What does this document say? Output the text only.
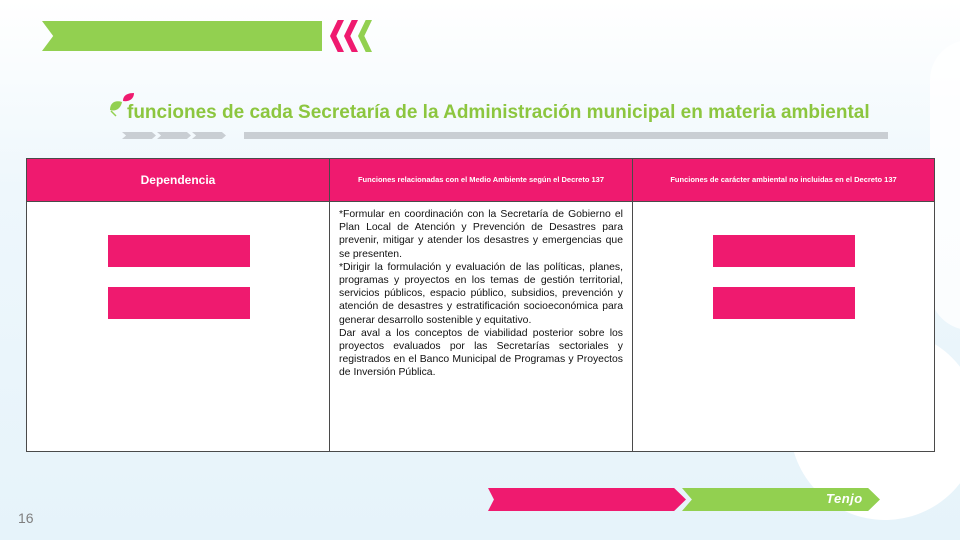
funciones de cada Secretaría de la Administración municipal en materia ambiental
Dependencia	Funciones relacionadas con el Medio Ambiente según el Decreto 137	Funciones de carácter ambiental no incluidas en el Decreto 137

	*Formular en coordinación con la Secretaría de Gobierno el Plan Local de Atención y Prevención de Desastres para prevenir, mitigar y atender los desastres y emergencias que se presenten.

*Dirigir la formulación y evaluación de las políticas, planes, programas y proyectos en los temas de gestión territorial, servicios públicos, espacio público, subsidios, prevención y atención de desastres y estratificación socioeconómica para generar desarrollo sostenible y equitativo.

Dar aval a los conceptos de viabilidad posterior sobre los proyectos evaluados por las Secretarías sectoriales y registrados en el Banco Municipal de Programas y Proyectos de Inversión Pública.	

Tenjo
16
